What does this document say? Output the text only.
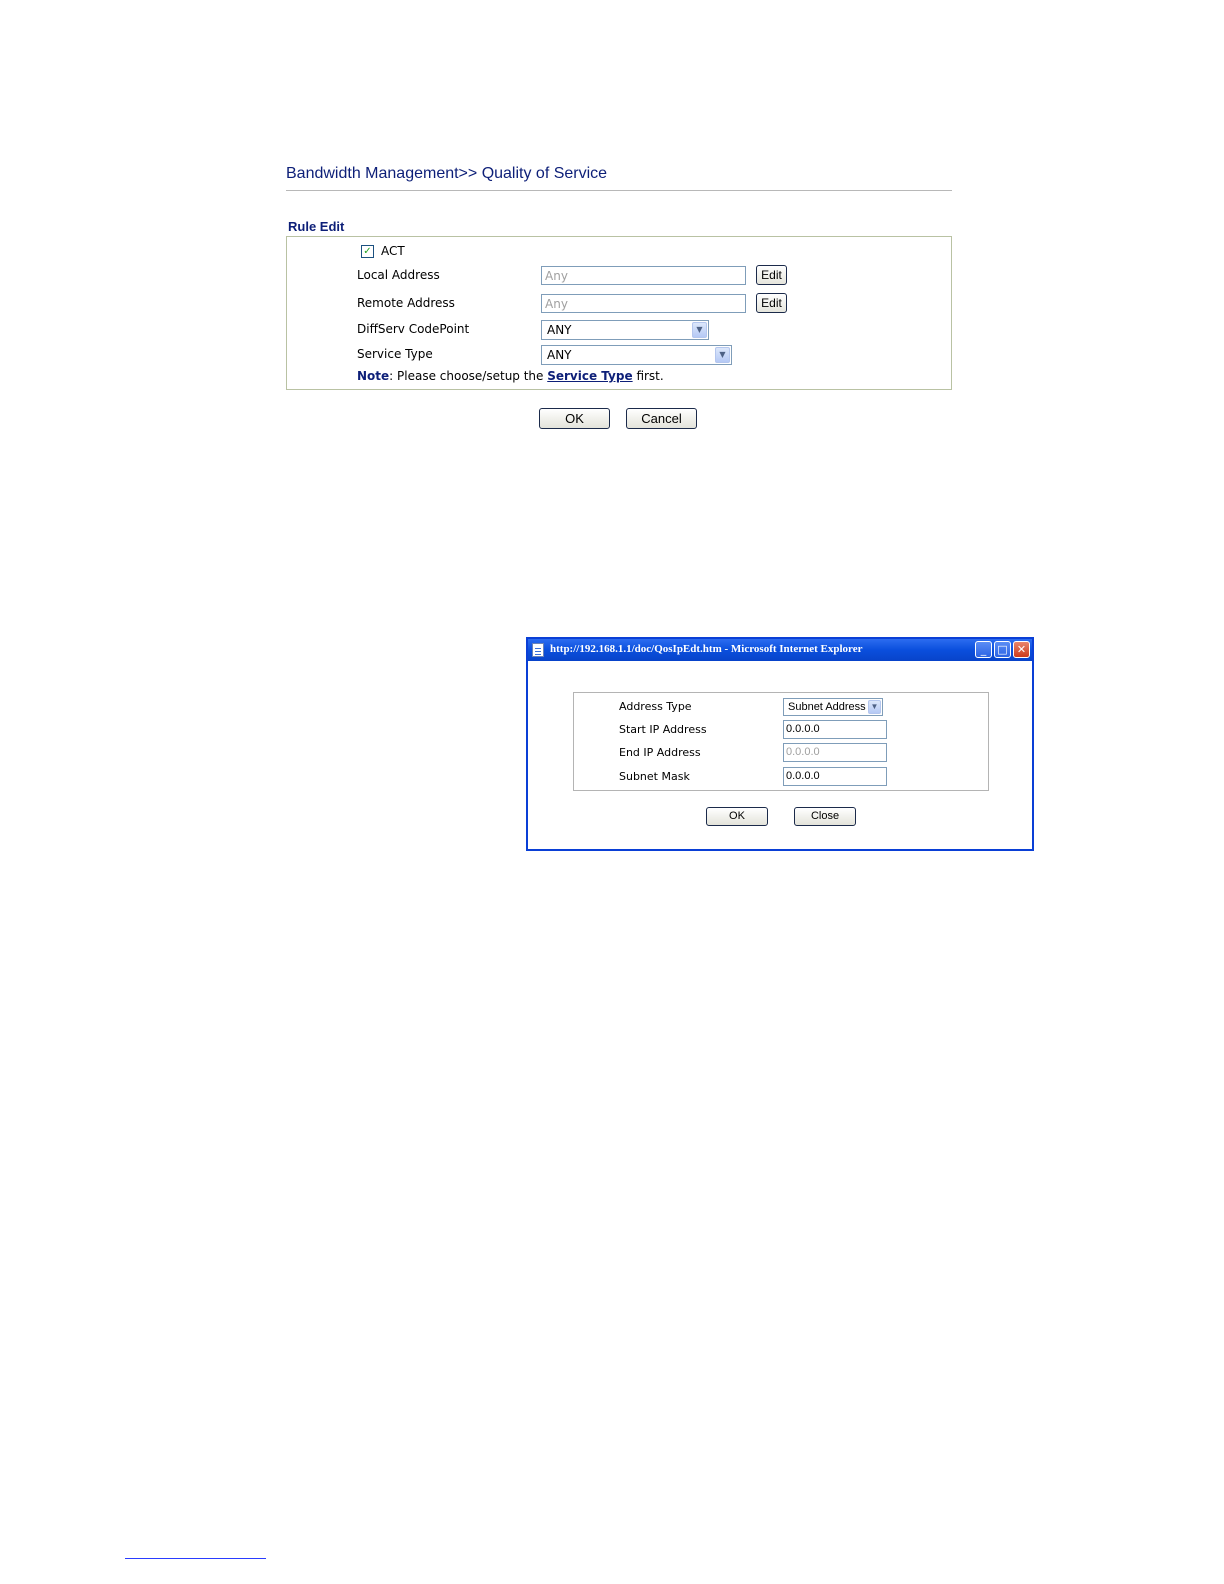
Bandwidth Management>> Quality of Service
Rule Edit
✓ ACT
Local Address	Any	Edit
Remote Address	Any	Edit
DiffServ CodePoint	ANY	▼
Service Type	ANY	▼
Note: Please choose/setup the Service Type first.
OK	Cancel
http://192.168.1.1/doc/QosIpEdt.htm - Microsoft Internet Explorer	_	□ ✕
Address Type	Subnet Address ▼
Start IP Address	0.0.0.0
End IP Address	0.0.0.0
Subnet Mask	0.0.0.0
OK	Close
